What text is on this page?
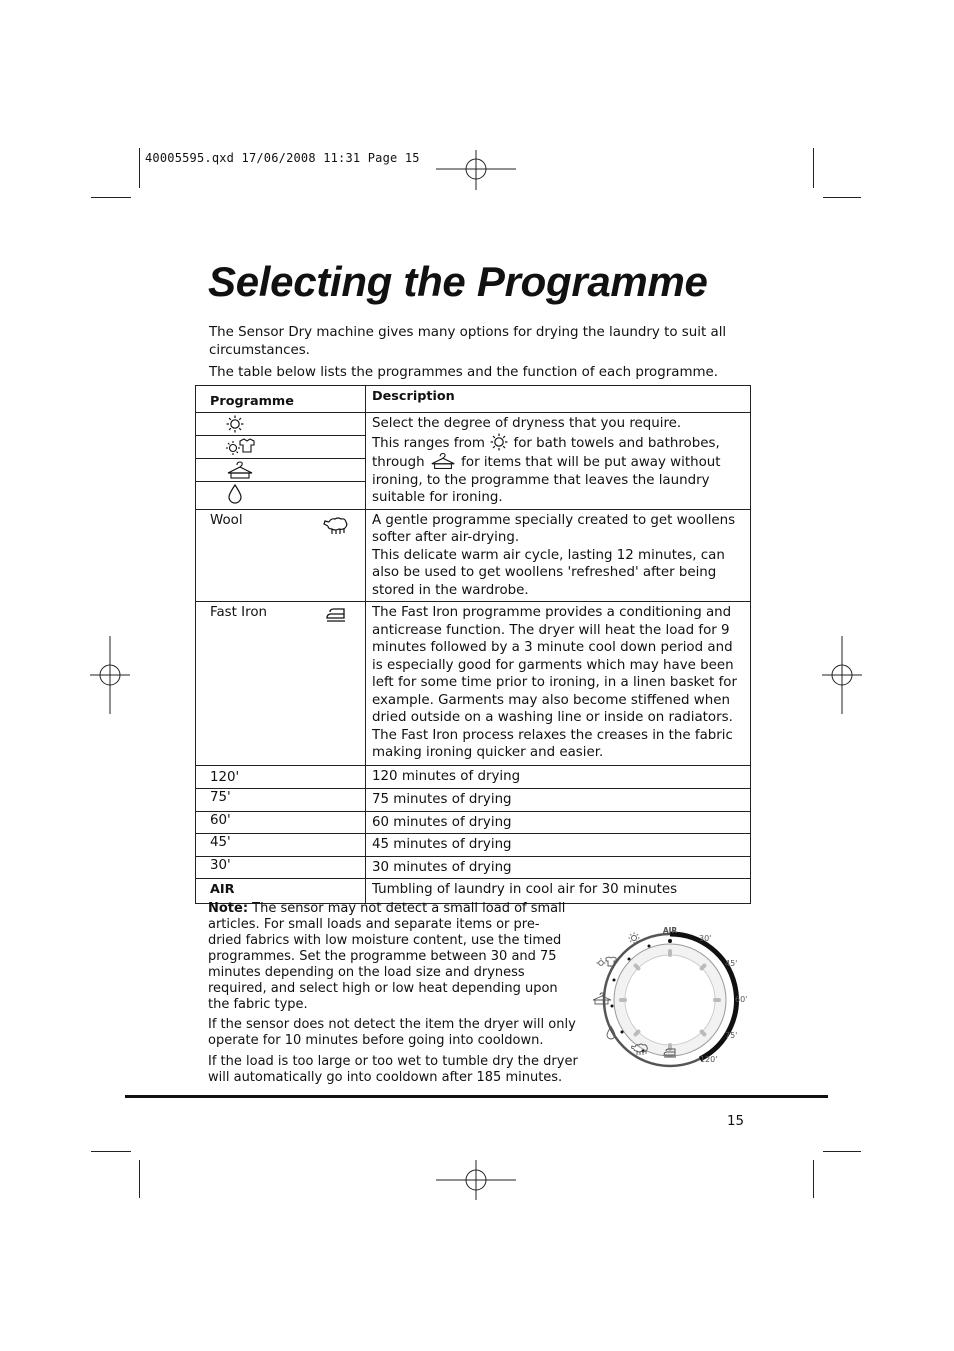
40005595.qxd 17/06/2008 11:31 Page 15
Selecting the Programme

The Sensor Dry machine gives many options for drying the laundry to suit all circumstances.

The table below lists the programmes and the function of each programme.

Programme	Description

Select the degree of dryness that you require.
This ranges from for bath towels and bathrobes, through for items that will be put away without ironing, to the programme that leaves the laundry suitable for ironing.

Wool	A gentle programme specially created to get woollens softer after air-drying.
This delicate warm air cycle, lasting 12 minutes, can also be used to get woollens 'refreshed' after being stored in the wardrobe.

Fast Iron	The Fast Iron programme provides a conditioning and anticrease function. The dryer will heat the load for 9 minutes followed by a 3 minute cool down period and is especially good for garments which may have been left for some time prior to ironing, in a linen basket for example. Garments may also become stiffened when dried outside on a washing line or inside on radiators. The Fast Iron process relaxes the creases in the fabric making ironing quicker and easier.

120'	120 minutes of drying
75'	75 minutes of drying
60'	60 minutes of drying
45'	45 minutes of drying
30'	30 minutes of drying
AIR	Tumbling of laundry in cool air for 30 minutes

Note: The sensor may not detect a small load of small articles. For small loads and separate items or pre-dried fabrics with low moisture content, use the timed programmes. Set the programme between 30 and 75 minutes depending on the load size and dryness required, and select high or low heat depending upon the fabric type.

If the sensor does not detect the item the dryer will only operate for 10 minutes before going into cooldown.

If the load is too large or too wet to tumble dry the dryer will automatically go into cooldown after 185 minutes.

AIR
30'
45'
60'
75'
120'
15
